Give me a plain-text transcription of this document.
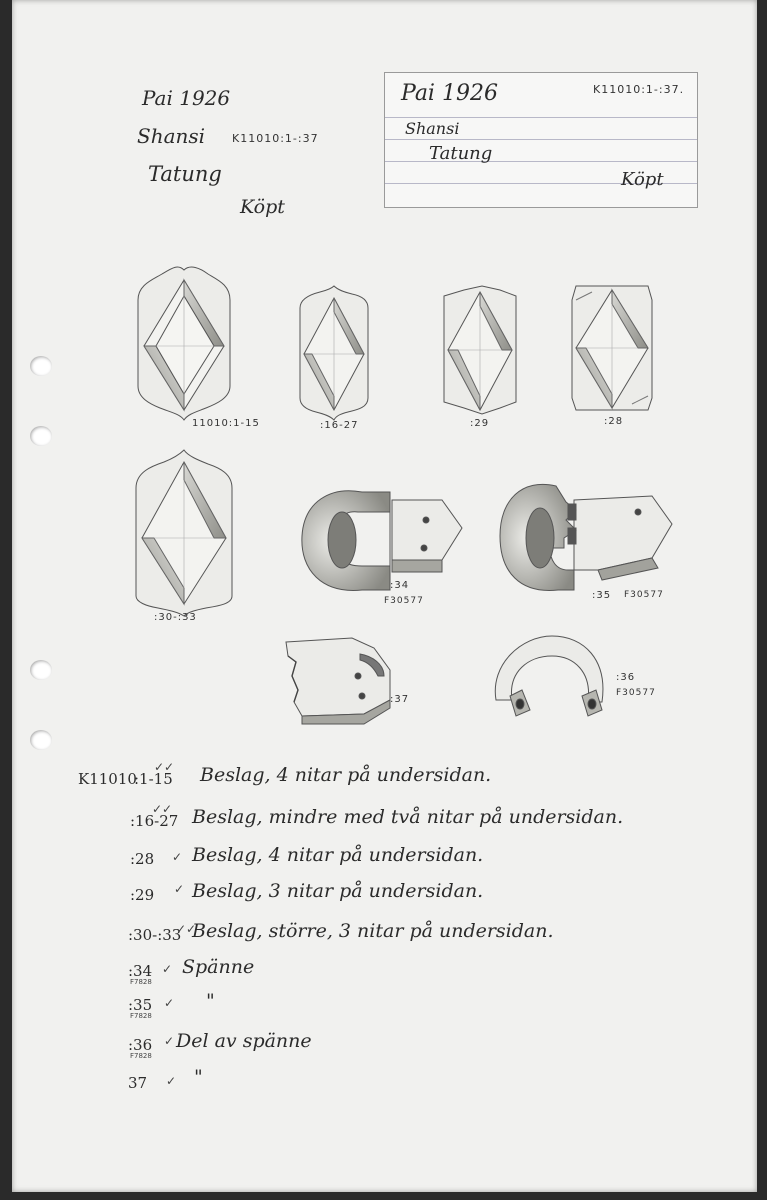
Pai 1926
Shansi K11010:1-:37
Tatung
Köpt
Pai 1926	K11010:1-:37.
Shansi
Tatung
Köpt
11010:1-15	:16-27	:29	:28
:30-:33
:34
F30577	:35 F30577
:37
:36
F30577
K11010
:1-15 Beslag, 4 nitar på undersidan.
:16-27 Beslag, mindre med två nitar på undersidan.
:28 Beslag, 4 nitar på undersidan.
:29 Beslag, 3 nitar på undersidan.
:30-:33 Beslag, större, 3 nitar på undersidan.
:34
F7828
Spänne
:35
F7828
"
:36
F7828
Del av spänne
37 "
✓✓
✓✓
✓
✓
✓✓
✓
✓
✓
✓
